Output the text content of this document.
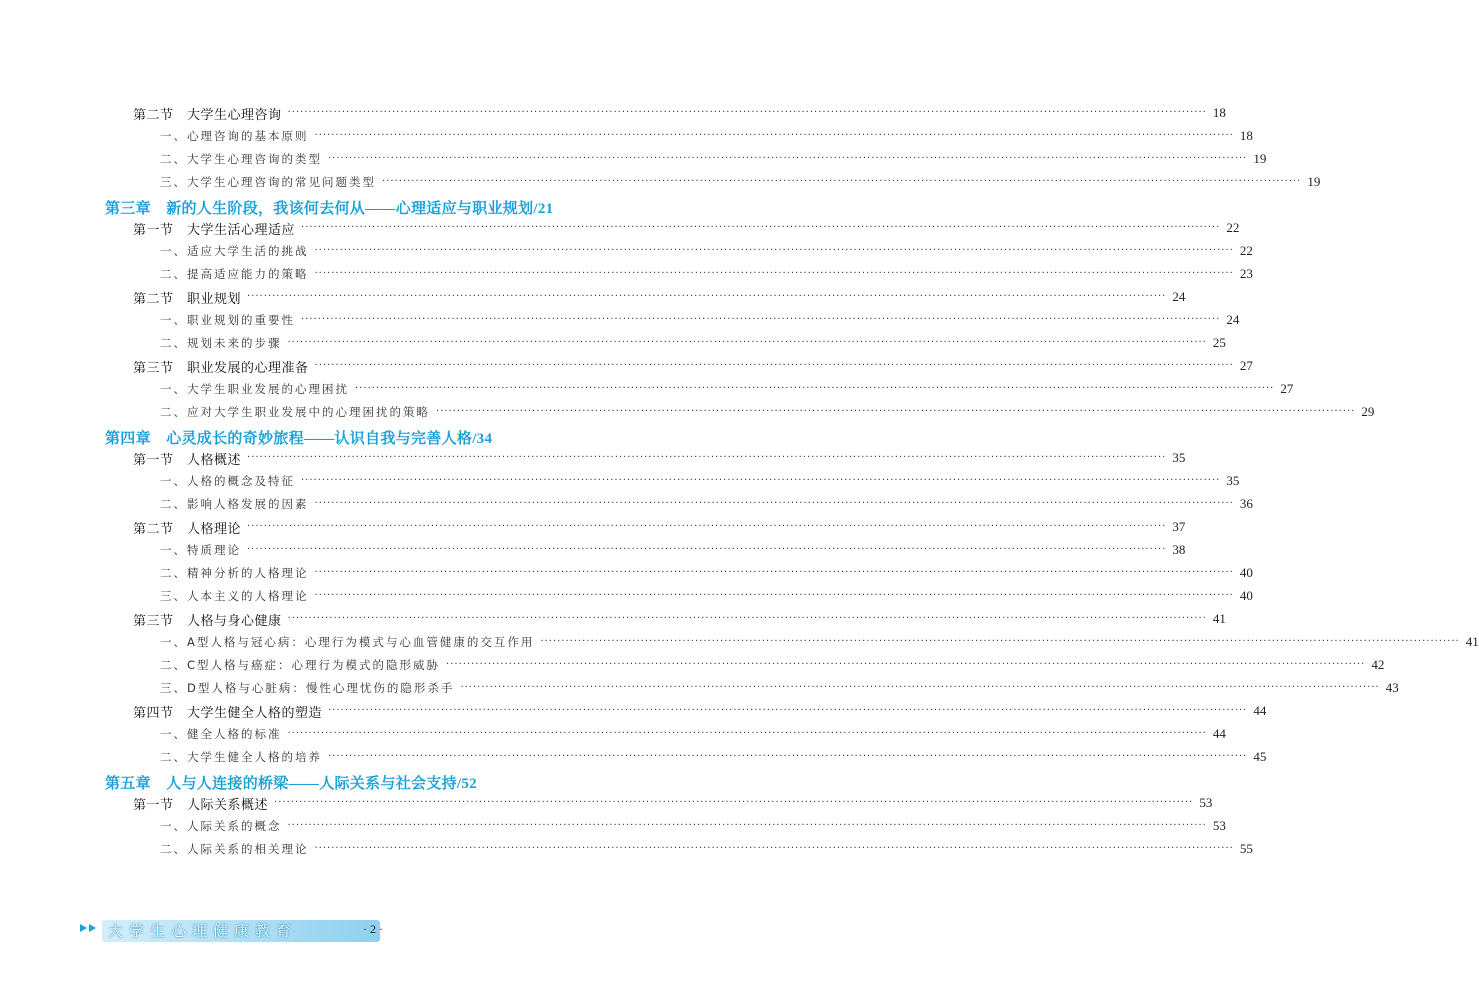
第二节　大学生心理咨询 ···························································································································································································································· 18
一、心理咨询的基本原则 ···························································································································································································································· 18
二、大学生心理咨询的类型 ···························································································································································································································· 19
三、大学生心理咨询的常见问题类型 ···························································································································································································································· 19
第三章　新的人生阶段，我该何去何从——心理适应与职业规划/21
第一节　大学生活心理适应 ···························································································································································································································· 22
一、适应大学生活的挑战 ···························································································································································································································· 22
二、提高适应能力的策略 ···························································································································································································································· 23
第二节　职业规划 ···························································································································································································································· 24
一、职业规划的重要性 ···························································································································································································································· 24
二、规划未来的步骤 ···························································································································································································································· 25
第三节　职业发展的心理准备 ···························································································································································································································· 27
一、大学生职业发展的心理困扰 ···························································································································································································································· 27
二、应对大学生职业发展中的心理困扰的策略 ···························································································································································································································· 29
第四章　心灵成长的奇妙旅程——认识自我与完善人格/34
第一节　人格概述 ···························································································································································································································· 35
一、人格的概念及特征 ···························································································································································································································· 35
二、影响人格发展的因素 ···························································································································································································································· 36
第二节　人格理论 ···························································································································································································································· 37
一、特质理论 ···························································································································································································································· 38
二、精神分析的人格理论 ···························································································································································································································· 40
三、人本主义的人格理论 ···························································································································································································································· 40
第三节　人格与身心健康 ···························································································································································································································· 41
一、A型人格与冠心病：心理行为模式与心血管健康的交互作用 ···························································································································································································································· 41
二、C型人格与癌症：心理行为模式的隐形威胁 ···························································································································································································································· 42
三、D型人格与心脏病：慢性心理忧伤的隐形杀手 ···························································································································································································································· 43
第四节　大学生健全人格的塑造 ···························································································································································································································· 44
一、健全人格的标准 ···························································································································································································································· 44
二、大学生健全人格的培养 ···························································································································································································································· 45
第五章　人与人连接的桥梁——人际关系与社会支持/52
第一节　人际关系概述 ···························································································································································································································· 53
一、人际关系的概念 ···························································································································································································································· 53
二、人际关系的相关理论 ···························································································································································································································· 55
大学生心理健康教育	· 2 ·
